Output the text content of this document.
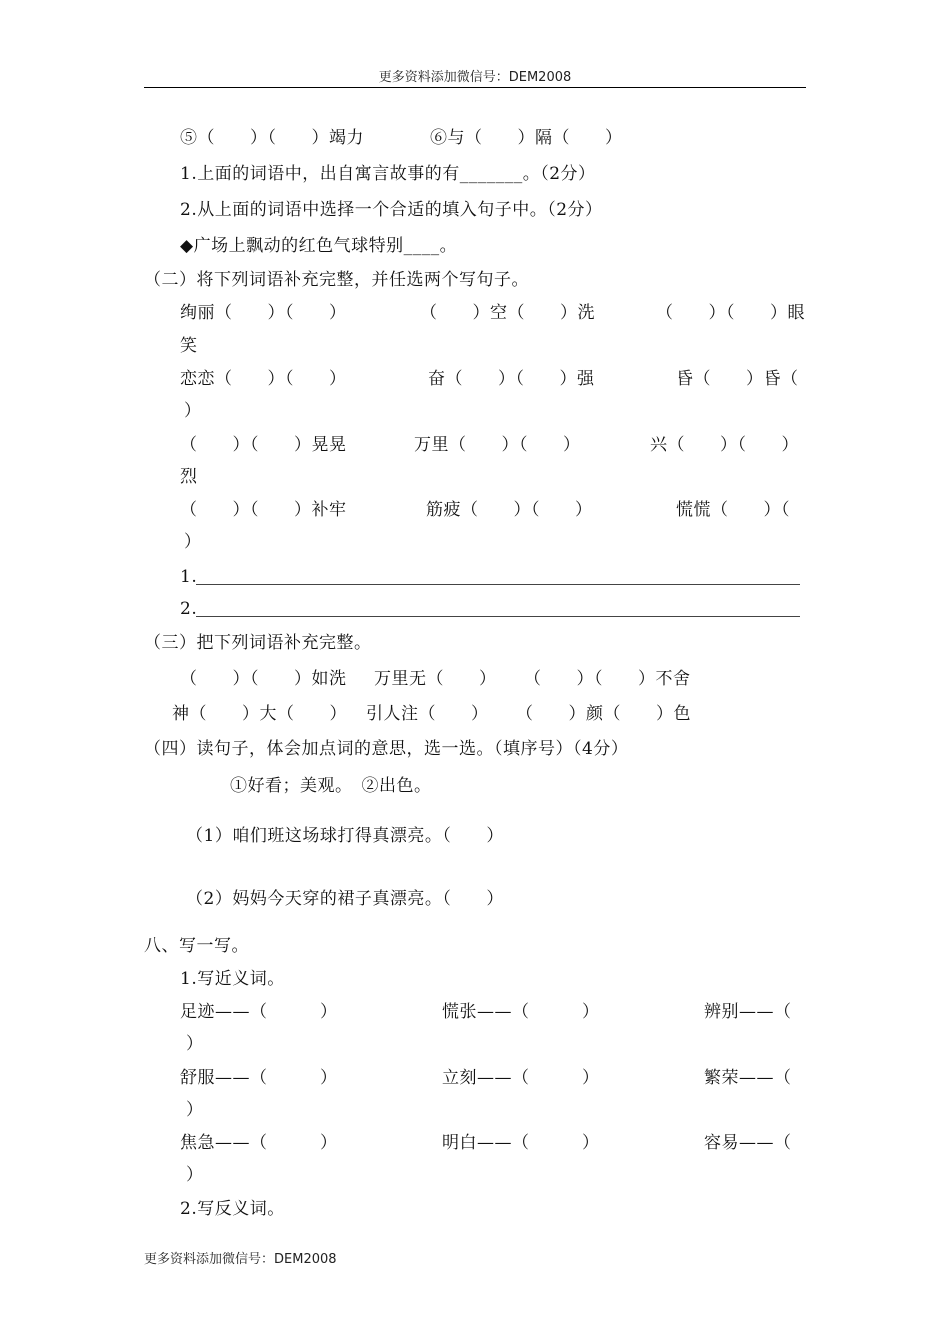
更多资料添加微信号：DEM2008
⑤（　　）（　　）竭力	⑥与（　　）隔（　　）
1.上面的词语中，出自寓言故事的有_______。（2分）
2.从上面的词语中选择一个合适的填入句子中。（2分）
◆广场上飘动的红色气球特别____。
（二）将下列词语补充完整，并任选两个写句子。
绚丽（　　）（　　）	（　　）空（　　）洗	（　　）（　　）眼
笑
恋恋（　　）（　　）	奋（　　）（　　）强	昏（　　）昏（
）
（　　）（　　）晃晃	万里（　　）（　　）	兴（　　）（　　）
烈
（　　）（　　）补牢	筋疲（　　）（　　）	慌慌（　　）（
）
1.
2.
（三）把下列词语补充完整。
（　　）（　　）如洗 万里无（　　） （　　）（　　）不舍
神（　　）大（　　） 引人注（　　） （　　）颜（　　）色
（四）读句子，体会加点词的意思，选一选。（填序号）（4分）
①好看；美观。　②出色。
（1）咱们班这场球打得真漂亮。（　　）
（2）妈妈今天穿的裙子真漂亮。（　　）
八、写一写。
1.写近义词。
足迹——（　　　）	慌张——（　　　）	辨别——（
）
舒服——（　　　）	立刻——（　　　）	繁荣——（
）
焦急——（　　　）	明白——（　　　）	容易——（
）
2.写反义词。
更多资料添加微信号：DEM2008
